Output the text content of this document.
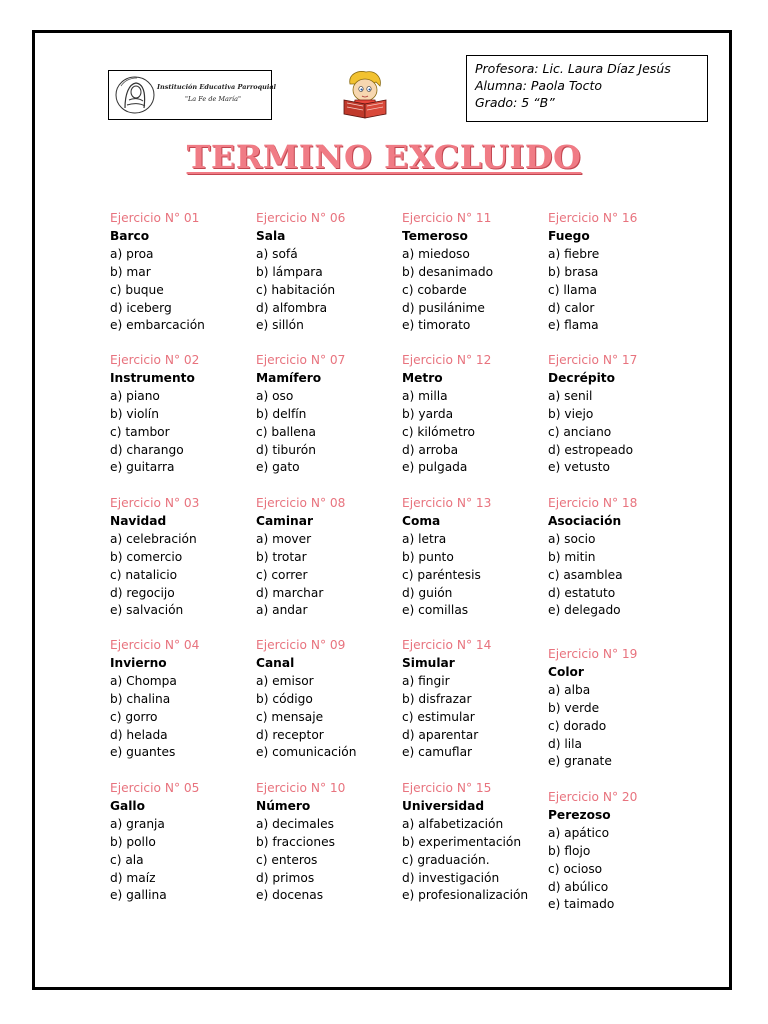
Institución Educativa Parroquial
"La Fe de María"
Profesora: Lic. Laura Díaz Jesús
Alumna: Paola Tocto
Grado: 5 “B”
TERMINO EXCLUIDO
Ejercicio N° 01
Barco
a) proa
b) mar
c) buque
d) iceberg
e) embarcación
Ejercicio N° 02
Instrumento
a) piano
b) violín
c) tambor
d) charango
e) guitarra
Ejercicio N° 03
Navidad
a) celebración
b) comercio
c) natalicio
d) regocijo
e) salvación
Ejercicio N° 04
Invierno
a) Chompa
b) chalina
c) gorro
d) helada
e) guantes
Ejercicio N° 05
Gallo
a) granja
b) pollo
c) ala
d) maíz
e) gallina
Ejercicio N° 06
Sala
a) sofá
b) lámpara
c) habitación
d) alfombra
e) sillón
Ejercicio N° 07
Mamífero
a) oso
b) delfín
c) ballena
d) tiburón
e) gato
Ejercicio N° 08
Caminar
a) mover
b) trotar
c) correr
d) marchar
a) andar
Ejercicio N° 09
Canal
a) emisor
b) código
c) mensaje
d) receptor
e) comunicación
Ejercicio N° 10
Número
a) decimales
b) fracciones
c) enteros
d) primos
e) docenas
Ejercicio N° 11
Temeroso
a) miedoso
b) desanimado
c) cobarde
d) pusilánime
e) timorato
Ejercicio N° 12
Metro
a) milla
b) yarda
c) kilómetro
d) arroba
e) pulgada
Ejercicio N° 13
Coma
a) letra
b) punto
c) paréntesis
d) guión
e) comillas
Ejercicio N° 14
Simular
a) fingir
b) disfrazar
c) estimular
d) aparentar
e) camuflar
Ejercicio N° 15
Universidad
a) alfabetización
b) experimentación
c) graduación.
d) investigación
e) profesionalización
Ejercicio N° 16
Fuego
a) fiebre
b) brasa
c) llama
d) calor
e) flama
Ejercicio N° 17
Decrépito
a) senil
b) viejo
c) anciano
d) estropeado
e) vetusto
Ejercicio N° 18
Asociación
a) socio
b) mitin
c) asamblea
d) estatuto
e) delegado
Ejercicio N° 19
Color
a) alba
b) verde
c) dorado
d) lila
e) granate
Ejercicio N° 20
Perezoso
a) apático
b) flojo
c) ocioso
d) abúlico
e) taimado
